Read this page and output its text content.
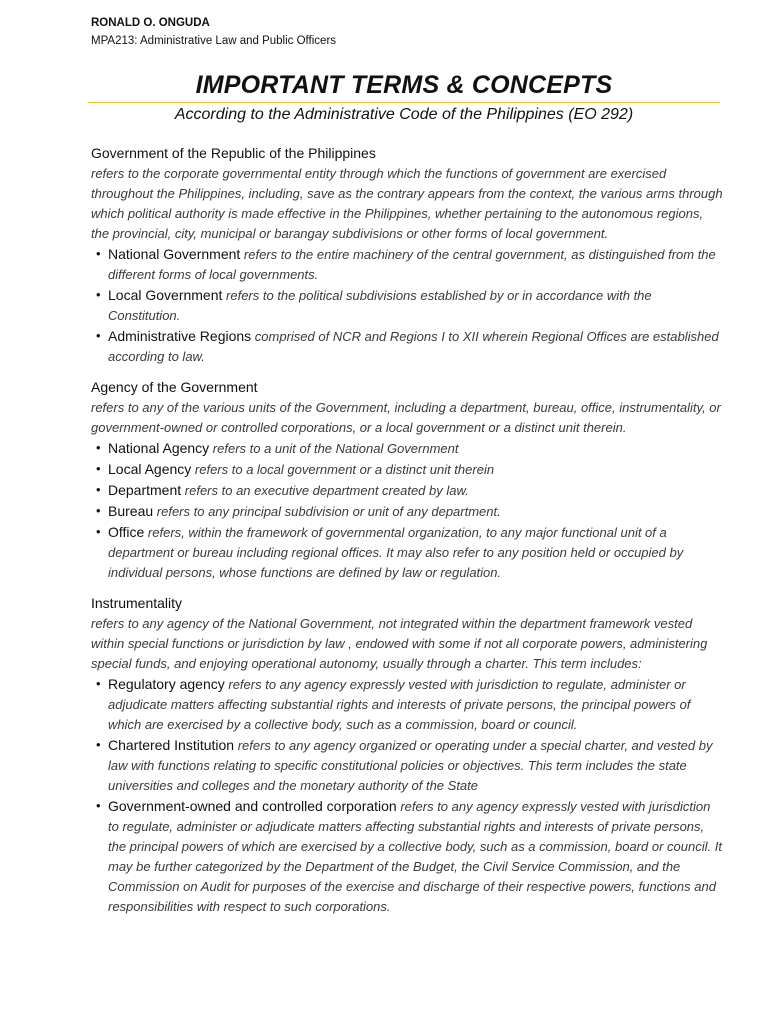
RONALD O. ONGUDA
MPA213: Administrative Law and Public Officers
IMPORTANT TERMS & CONCEPTS
According to the Administrative Code of the Philippines (EO 292)
Government of the Republic of the Philippines
refers to the corporate governmental entity through which the functions of government are exercised throughout the Philippines, including, save as the contrary appears from the context, the various arms through which political authority is made effective in the Philippines, whether pertaining to the autonomous regions, the provincial, city, municipal or barangay subdivisions or other forms of local government.
• National Government refers to the entire machinery of the central government, as distinguished from the different forms of local governments.
• Local Government refers to the political subdivisions established by or in accordance with the Constitution.
• Administrative Regions comprised of NCR and Regions I to XII wherein Regional Offices are established according to law.
Agency of the Government
refers to any of the various units of the Government, including a department, bureau, office, instrumentality, or government-owned or controlled corporations, or a local government or a distinct unit therein.
• National Agency refers to a unit of the National Government
• Local Agency refers to a local government or a distinct unit therein
• Department refers to an executive department created by law.
• Bureau refers to any principal subdivision or unit of any department.
• Office refers, within the framework of governmental organization, to any major functional unit of a department or bureau including regional offices. It may also refer to any position held or occupied by individual persons, whose functions are defined by law or regulation.
Instrumentality
refers to any agency of the National Government, not integrated within the department framework vested within special functions or jurisdiction by law , endowed with some if not all corporate powers, administering special funds, and enjoying operational autonomy, usually through a charter. This term includes:
• Regulatory agency refers to any agency expressly vested with jurisdiction to regulate, administer or adjudicate matters affecting substantial rights and interests of private persons, the principal powers of which are exercised by a collective body, such as a commission, board or council.
• Chartered Institution refers to any agency organized or operating under a special charter, and vested by law with functions relating to specific constitutional policies or objectives. This term includes the state universities and colleges and the monetary authority of the State
• Government-owned and controlled corporation refers to any agency expressly vested with jurisdiction to regulate, administer or adjudicate matters affecting substantial rights and interests of private persons, the principal powers of which are exercised by a collective body, such as a commission, board or council. It may be further categorized by the Department of the Budget, the Civil Service Commission, and the Commission on Audit for purposes of the exercise and discharge of their respective powers, functions and responsibilities with respect to such corporations.
